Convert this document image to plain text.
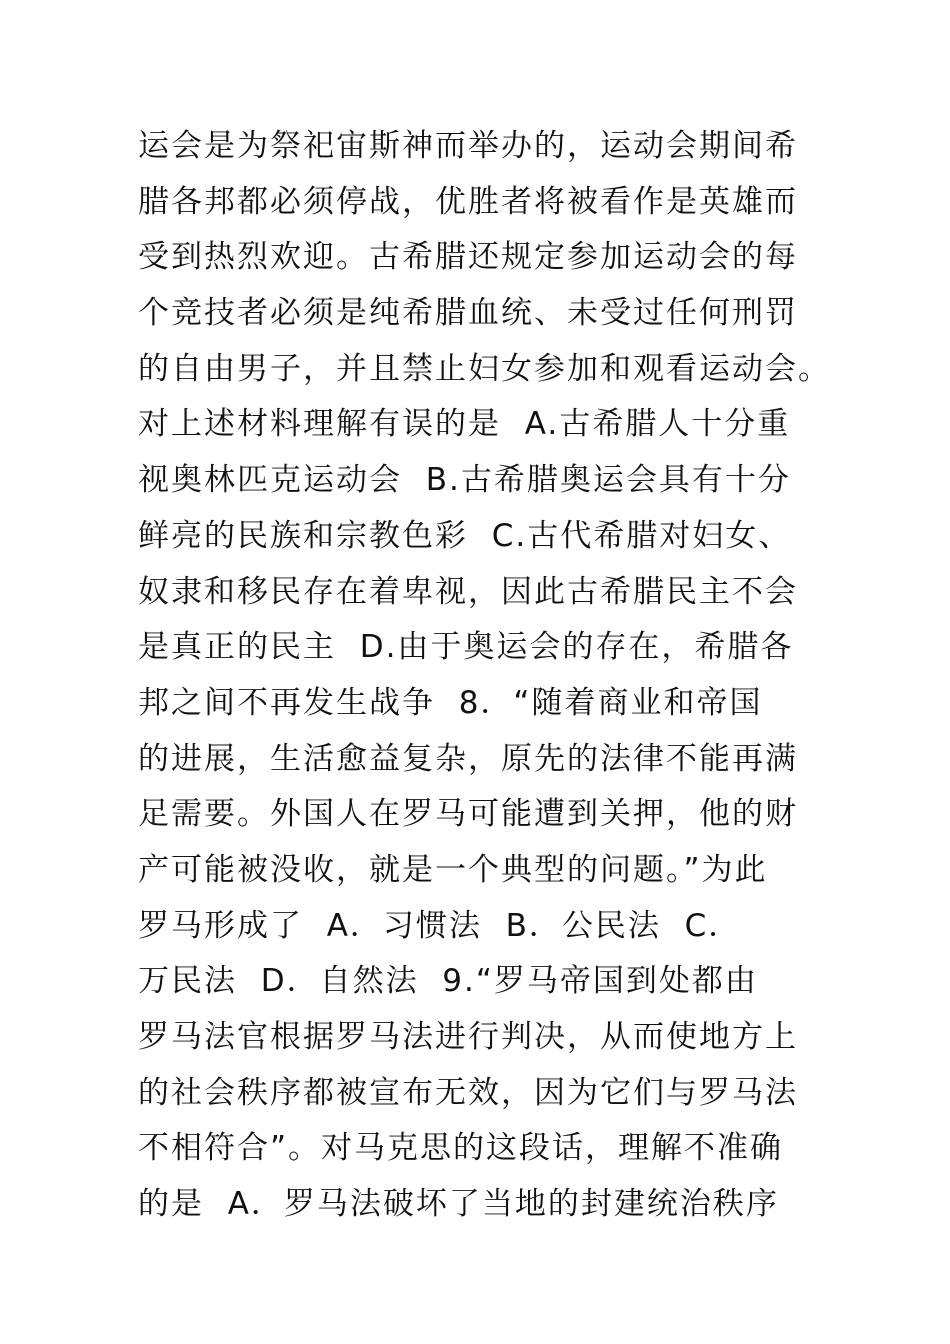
运会是为祭祀宙斯神而举办的，运动会期间希
腊各邦都必须停战，优胜者将被看作是英雄而
受到热烈欢迎。古希腊还规定参加运动会的每
个竞技者必须是纯希腊血统、未受过任何刑罚
的自由男子，并且禁止妇女参加和观看运动会。
对上述材料理解有误的是  A.古希腊人十分重
视奥林匹克运动会  B.古希腊奥运会具有十分
鲜亮的民族和宗教色彩  C.古代希腊对妇女、
奴隶和移民存在着卑视，因此古希腊民主不会
是真正的民主  D.由于奥运会的存在，希腊各
邦之间不再发生战争  8．“随着商业和帝国
的进展，生活愈益复杂，原先的法律不能再满
足需要。外国人在罗马可能遭到关押，他的财
产可能被没收，就是一个典型的问题。”为此
罗马形成了  A．习惯法  B．公民法  C．
万民法  D．自然法  9.“罗马帝国到处都由
罗马法官根据罗马法进行判决，从而使地方上
的社会秩序都被宣布无效，因为它们与罗马法
不相符合”。对马克思的这段话，理解不准确
的是  A．罗马法破坏了当地的封建统治秩序
